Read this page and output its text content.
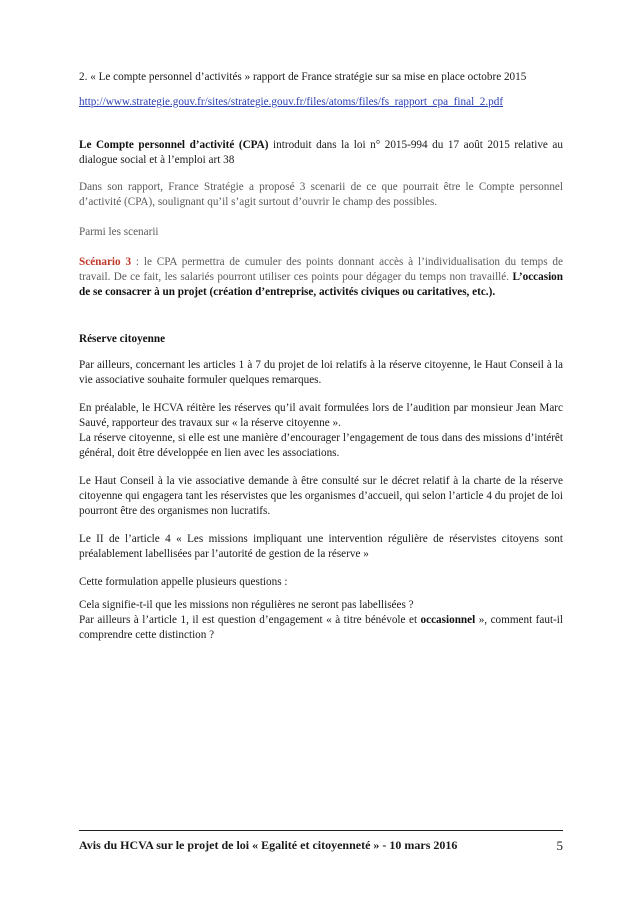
2. « Le compte personnel d’activités » rapport de France stratégie sur sa mise en place octobre 2015

http://www.strategie.gouv.fr/sites/strategie.gouv.fr/files/atoms/files/fs_rapport_cpa_final_2.pdf

Le Compte personnel d’activité (CPA) introduit dans la loi n° 2015-994 du 17 août 2015 relative au dialogue social et à l’emploi art 38

Dans son rapport, France Stratégie a proposé 3 scenarii de ce que pourrait être le Compte personnel d’activité (CPA), soulignant qu’il s’agit surtout d’ouvrir le champ des possibles.

Parmi les scenarii

Scénario 3 : le CPA permettra de cumuler des points donnant accès à l’individualisation du temps de travail. De ce fait, les salariés pourront utiliser ces points pour dégager du temps non travaillé. L’occasion de se consacrer à un projet (création d’entreprise, activités civiques ou caritatives, etc.).

Réserve citoyenne

Par ailleurs, concernant les articles 1 à 7 du projet de loi relatifs à la réserve citoyenne, le Haut Conseil à la vie associative souhaite formuler quelques remarques.

En préalable, le HCVA réitère les réserves qu’il avait formulées lors de l’audition par monsieur Jean Marc Sauvé, rapporteur des travaux sur « la réserve citoyenne ».

La réserve citoyenne, si elle est une manière d’encourager l’engagement de tous dans des missions d’intérêt général, doit être développée en lien avec les associations.

Le Haut Conseil à la vie associative demande à être consulté sur le décret relatif à la charte de la réserve citoyenne qui engagera tant les réservistes que les organismes d’accueil, qui selon l’article 4 du projet de loi pourront être des organismes non lucratifs.

Le II de l’article 4 « Les missions impliquant une intervention régulière de réservistes citoyens sont préalablement labellisées par l’autorité de gestion de la réserve »

Cette formulation appelle plusieurs questions :

Cela signifie-t-il que les missions non régulières ne seront pas labellisées ?

Par ailleurs à l’article 1, il est question d’engagement « à titre bénévole et occasionnel », comment faut-il comprendre cette distinction ?

Avis du HCVA sur le projet de loi « Egalité et citoyenneté » - 10 mars 2016	5
